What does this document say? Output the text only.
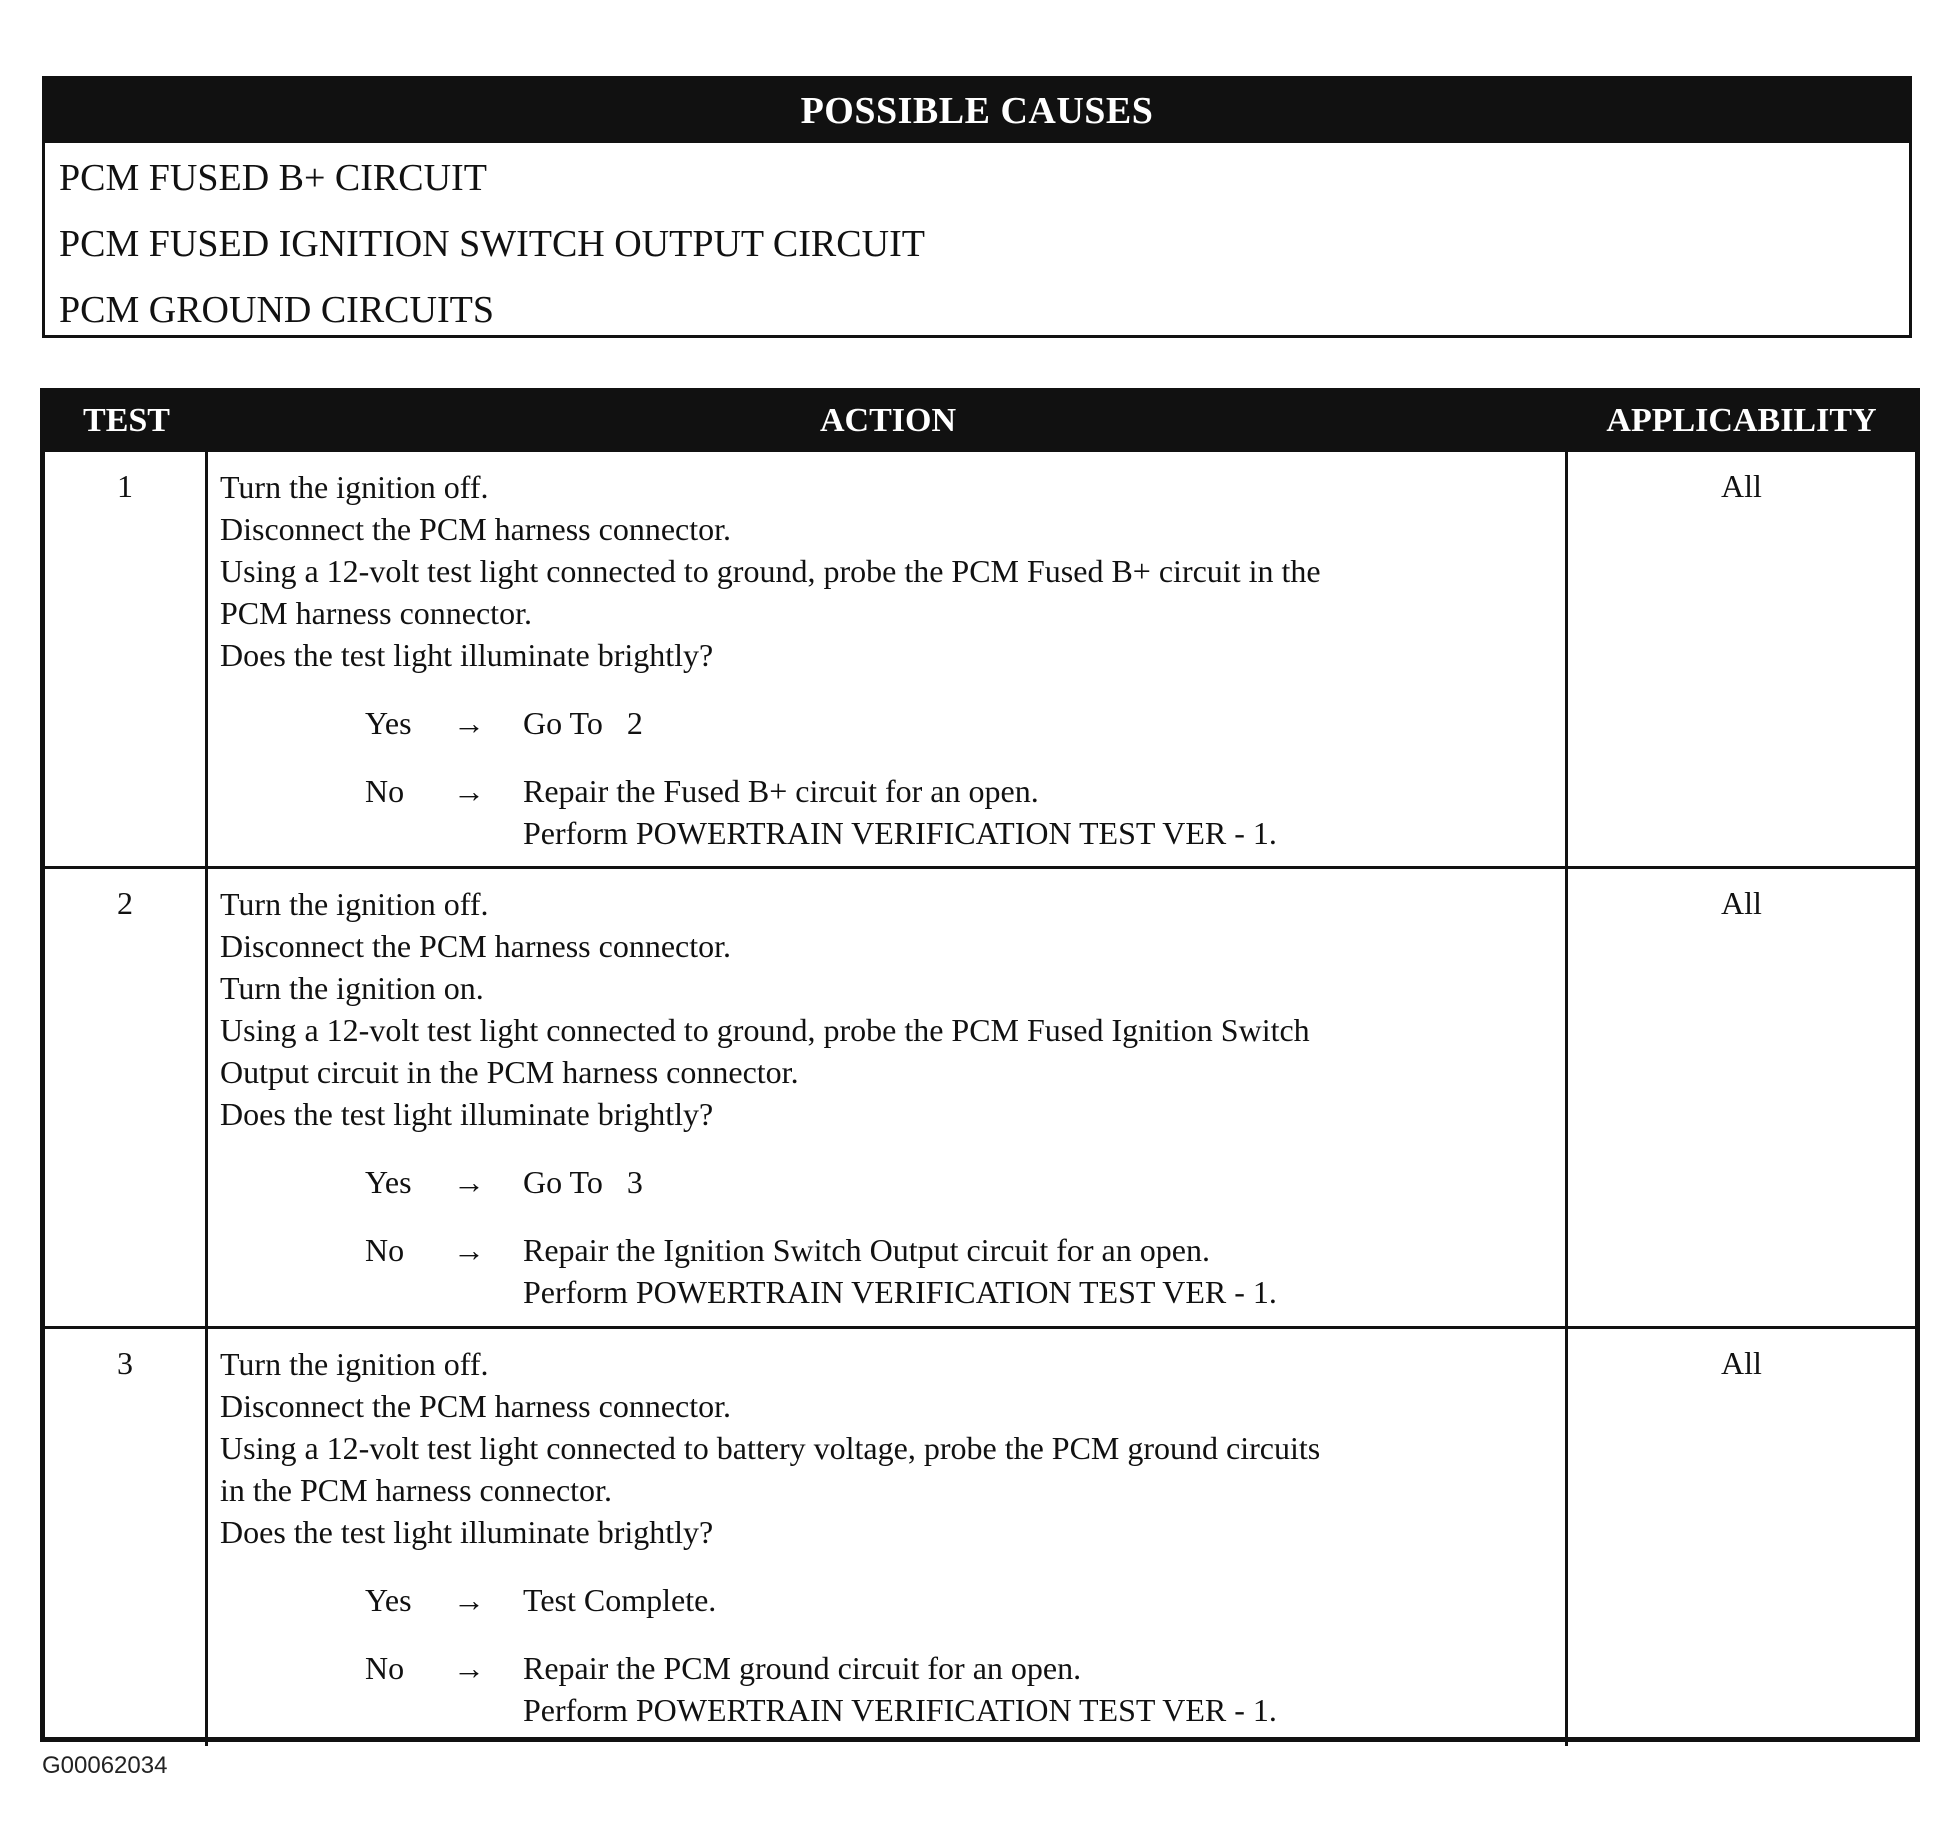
POSSIBLE CAUSES
PCM FUSED B+ CIRCUIT
PCM FUSED IGNITION SWITCH OUTPUT CIRCUIT
PCM GROUND CIRCUITS
TEST	ACTION	APPLICABILITY
1	Turn the ignition off.
Disconnect the PCM harness connector.
Using a 12-volt test light connected to ground, probe the PCM Fused B+ circuit in the
PCM harness connector.
Does the test light illuminate brightly?
Yes	→	Go To   2
No	→	Repair the Fused B+ circuit for an open.
Perform POWERTRAIN VERIFICATION TEST VER - 1.
All
2	Turn the ignition off.
Disconnect the PCM harness connector.
Turn the ignition on.
Using a 12-volt test light connected to ground, probe the PCM Fused Ignition Switch
Output circuit in the PCM harness connector.
Does the test light illuminate brightly?
Yes	→	Go To   3
No	→	Repair the Ignition Switch Output circuit for an open.
Perform POWERTRAIN VERIFICATION TEST VER - 1.
All
3	Turn the ignition off.
Disconnect the PCM harness connector.
Using a 12-volt test light connected to battery voltage, probe the PCM ground circuits
in the PCM harness connector.
Does the test light illuminate brightly?
Yes	→	Test Complete.
No	→	Repair the PCM ground circuit for an open.
Perform POWERTRAIN VERIFICATION TEST VER - 1.
All
G00062034
